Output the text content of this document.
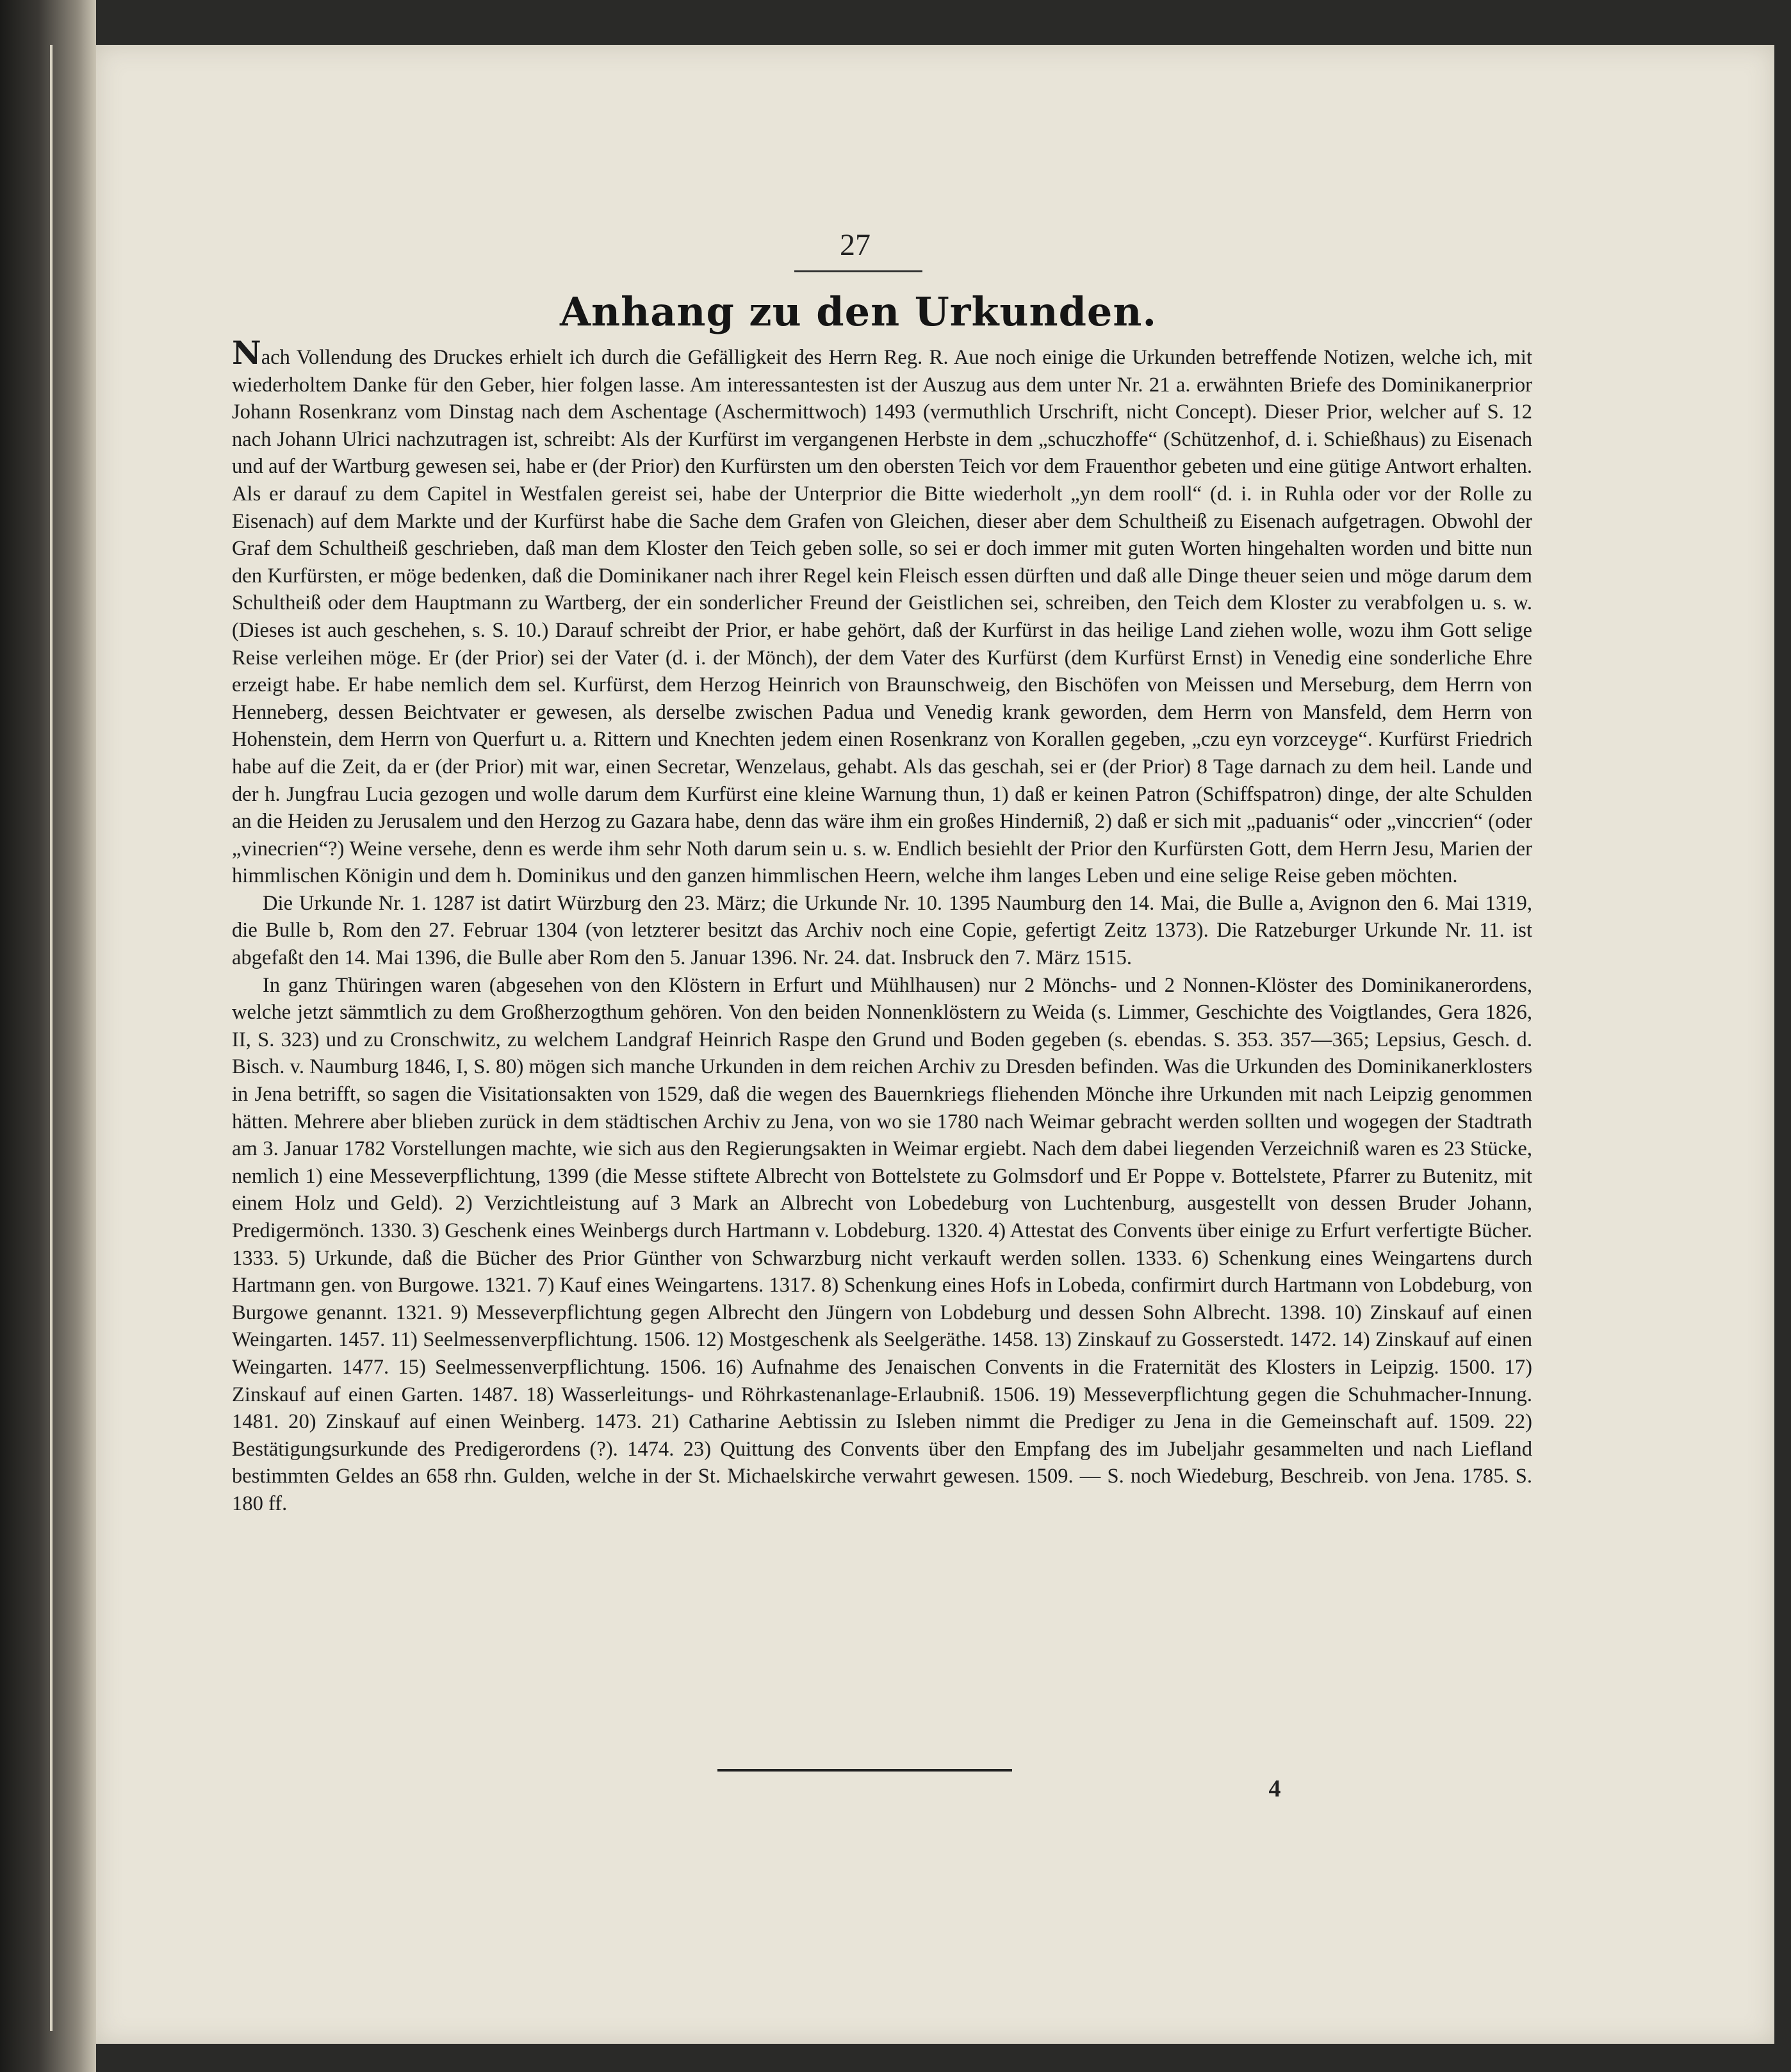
27
Anhang zu den Urkunden.

Nach Vollendung des Druckes erhielt ich durch die Gefälligkeit des Herrn Reg. R. Aue noch einige die Urkunden betreffende Notizen, welche ich, mit wiederholtem Danke für den Geber, hier folgen lasse. Am interessantesten ist der Auszug aus dem unter Nr. 21 a. erwähnten Briefe des Dominikanerprior Johann Rosenkranz vom Dinstag nach dem Aschentage (Aschermittwoch) 1493 (vermuthlich Urschrift, nicht Concept). Dieser Prior, welcher auf S. 12 nach Johann Ulrici nachzutragen ist, schreibt: Als der Kurfürst im vergangenen Herbste in dem „schuczhoffe“ (Schützenhof, d. i. Schießhaus) zu Eisenach und auf der Wartburg gewesen sei, habe er (der Prior) den Kurfürsten um den obersten Teich vor dem Frauenthor gebeten und eine gütige Antwort erhalten. Als er darauf zu dem Capitel in Westfalen gereist sei, habe der Unterprior die Bitte wiederholt „yn dem rooll“ (d. i. in Ruhla oder vor der Rolle zu Eisenach) auf dem Markte und der Kurfürst habe die Sache dem Grafen von Gleichen, dieser aber dem Schultheiß zu Eisenach aufgetragen. Obwohl der Graf dem Schultheiß geschrieben, daß man dem Kloster den Teich geben solle, so sei er doch immer mit guten Worten hingehalten worden und bitte nun den Kurfürsten, er möge bedenken, daß die Dominikaner nach ihrer Regel kein Fleisch essen dürften und daß alle Dinge theuer seien und möge darum dem Schultheiß oder dem Hauptmann zu Wartberg, der ein sonderlicher Freund der Geistlichen sei, schreiben, den Teich dem Kloster zu verabfolgen u. s. w. (Dieses ist auch geschehen, s. S. 10.) Darauf schreibt der Prior, er habe gehört, daß der Kurfürst in das heilige Land ziehen wolle, wozu ihm Gott selige Reise verleihen möge. Er (der Prior) sei der Vater (d. i. der Mönch), der dem Vater des Kurfürst (dem Kurfürst Ernst) in Venedig eine sonderliche Ehre erzeigt habe. Er habe nemlich dem sel. Kurfürst, dem Herzog Heinrich von Braunschweig, den Bischöfen von Meissen und Merseburg, dem Herrn von Henneberg, dessen Beichtvater er gewesen, als derselbe zwischen Padua und Venedig krank geworden, dem Herrn von Mansfeld, dem Herrn von Hohenstein, dem Herrn von Querfurt u. a. Rittern und Knechten jedem einen Rosenkranz von Korallen gegeben, „czu eyn vorzceyge“. Kurfürst Friedrich habe auf die Zeit, da er (der Prior) mit war, einen Secretar, Wenzelaus, gehabt. Als das geschah, sei er (der Prior) 8 Tage darnach zu dem heil. Lande und der h. Jungfrau Lucia gezogen und wolle darum dem Kurfürst eine kleine Warnung thun, 1) daß er keinen Patron (Schiffspatron) dinge, der alte Schulden an die Heiden zu Jerusalem und den Herzog zu Gazara habe, denn das wäre ihm ein großes Hinderniß, 2) daß er sich mit „paduanis“ oder „vinccrien“ (oder „vinecrien“?) Weine versehe, denn es werde ihm sehr Noth darum sein u. s. w. Endlich besiehlt der Prior den Kurfürsten Gott, dem Herrn Jesu, Marien der himmlischen Königin und dem h. Dominikus und den ganzen himmlischen Heern, welche ihm langes Leben und eine selige Reise geben möchten.

Die Urkunde Nr. 1. 1287 ist datirt Würzburg den 23. März; die Urkunde Nr. 10. 1395 Naumburg den 14. Mai, die Bulle a, Avignon den 6. Mai 1319, die Bulle b, Rom den 27. Februar 1304 (von letzterer besitzt das Archiv noch eine Copie, gefertigt Zeitz 1373). Die Ratzeburger Urkunde Nr. 11. ist abgefaßt den 14. Mai 1396, die Bulle aber Rom den 5. Januar 1396. Nr. 24. dat. Insbruck den 7. März 1515.

In ganz Thüringen waren (abgesehen von den Klöstern in Erfurt und Mühlhausen) nur 2 Mönchs- und 2 Nonnen-Klöster des Dominikanerordens, welche jetzt sämmtlich zu dem Großherzogthum gehören. Von den beiden Nonnenklöstern zu Weida (s. Limmer, Geschichte des Voigtlandes, Gera 1826, II, S. 323) und zu Cronschwitz, zu welchem Landgraf Heinrich Raspe den Grund und Boden gegeben (s. ebendas. S. 353. 357—365; Lepsius, Gesch. d. Bisch. v. Naumburg 1846, I, S. 80) mögen sich manche Urkunden in dem reichen Archiv zu Dresden befinden. Was die Urkunden des Dominikanerklosters in Jena betrifft, so sagen die Visitationsakten von 1529, daß die wegen des Bauernkriegs fliehenden Mönche ihre Urkunden mit nach Leipzig genommen hätten. Mehrere aber blieben zurück in dem städtischen Archiv zu Jena, von wo sie 1780 nach Weimar gebracht werden sollten und wogegen der Stadtrath am 3. Januar 1782 Vorstellungen machte, wie sich aus den Regierungsakten in Weimar ergiebt. Nach dem dabei liegenden Verzeichniß waren es 23 Stücke, nemlich 1) eine Messeverpflichtung, 1399 (die Messe stiftete Albrecht von Bottelstete zu Golmsdorf und Er Poppe v. Bottelstete, Pfarrer zu Butenitz, mit einem Holz und Geld). 2) Verzichtleistung auf 3 Mark an Albrecht von Lobedeburg von Luchtenburg, ausgestellt von dessen Bruder Johann, Predigermönch. 1330. 3) Geschenk eines Weinbergs durch Hartmann v. Lobdeburg. 1320. 4) Attestat des Convents über einige zu Erfurt verfertigte Bücher. 1333. 5) Urkunde, daß die Bücher des Prior Günther von Schwarzburg nicht verkauft werden sollen. 1333. 6) Schenkung eines Weingartens durch Hartmann gen. von Burgowe. 1321. 7) Kauf eines Weingartens. 1317. 8) Schenkung eines Hofs in Lobeda, confirmirt durch Hartmann von Lobdeburg, von Burgowe genannt. 1321. 9) Messeverpflichtung gegen Albrecht den Jüngern von Lobdeburg und dessen Sohn Albrecht. 1398. 10) Zinskauf auf einen Weingarten. 1457. 11) Seelmessenverpflichtung. 1506. 12) Mostgeschenk als Seelgeräthe. 1458. 13) Zinskauf zu Gosserstedt. 1472. 14) Zinskauf auf einen Weingarten. 1477. 15) Seelmessenverpflichtung. 1506. 16) Aufnahme des Jenaischen Convents in die Fraternität des Klosters in Leipzig. 1500. 17) Zinskauf auf einen Garten. 1487. 18) Wasserleitungs- und Röhrkastenanlage-Erlaubniß. 1506. 19) Messeverpflichtung gegen die Schuhmacher-Innung. 1481. 20) Zinskauf auf einen Weinberg. 1473. 21) Catharine Aebtissin zu Isleben nimmt die Prediger zu Jena in die Gemeinschaft auf. 1509. 22) Bestätigungsurkunde des Predigerordens (?). 1474. 23) Quittung des Convents über den Empfang des im Jubeljahr gesammelten und nach Liefland bestimmten Geldes an 658 rhn. Gulden, welche in der St. Michaelskirche verwahrt gewesen. 1509. — S. noch Wiedeburg, Beschreib. von Jena. 1785. S. 180 ff.

4
